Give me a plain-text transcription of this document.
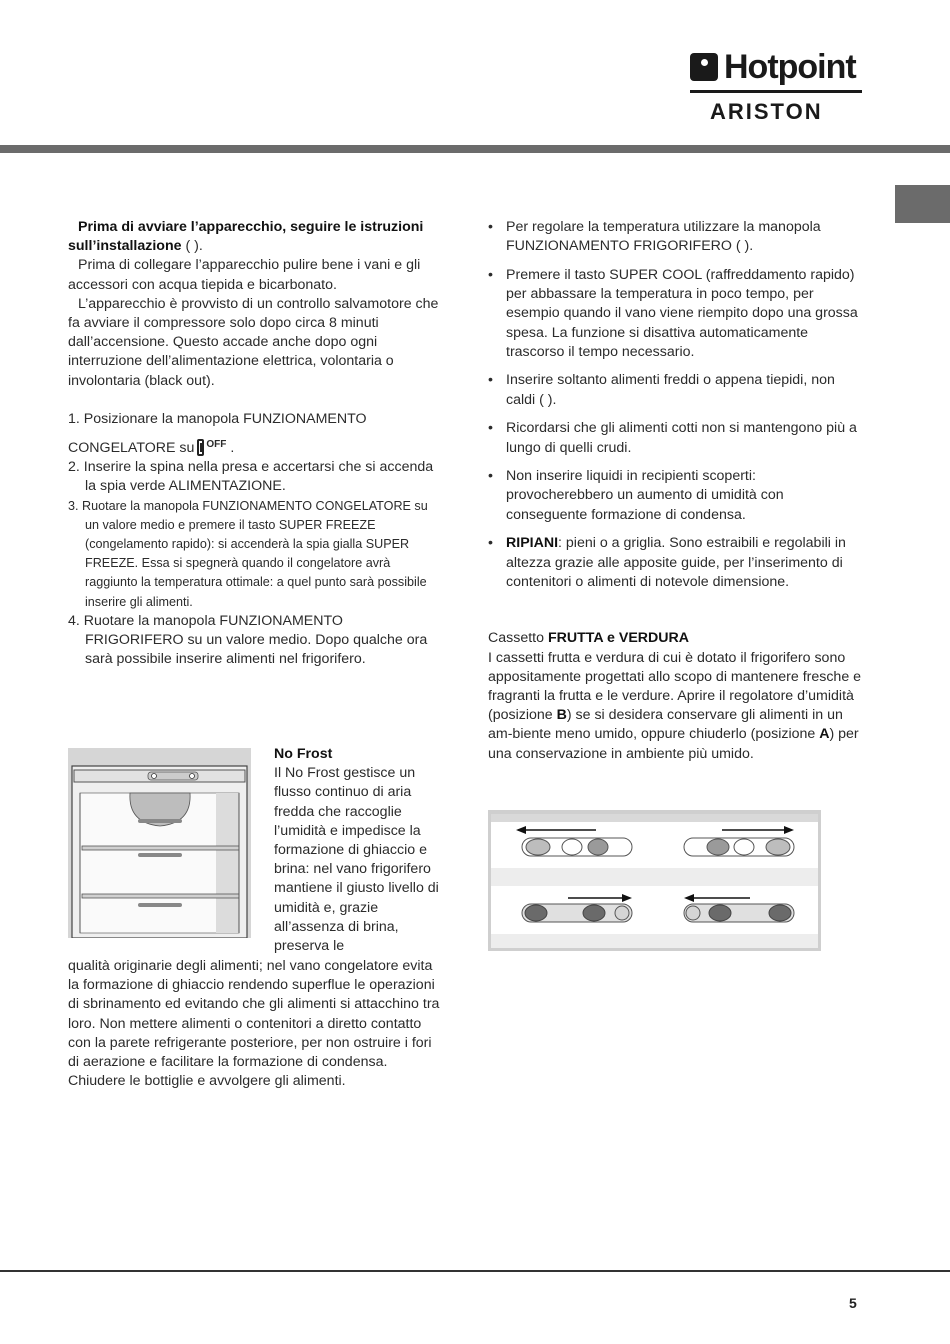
Hotpoint
ARISTON

Prima di avviare l’apparecchio, seguire le istruzioni sull’installazione ( ).

Prima di collegare l’apparecchio pulire bene i vani e gli accessori con acqua tiepida e bicarbonato.

L’apparecchio è provvisto di un controllo salvamotore che fa avviare il compressore solo dopo circa 8 minuti dall’accensione. Questo accade anche dopo ogni interruzione dell’alimentazione elettrica, volontaria o involontaria (black out).

1. Posizionare la manopola FUNZIONAMENTO
CONGELATORE su $^{OFF}$ .
2. Inserire la spina nella presa e accertarsi che si accenda la spia verde ALIMENTAZIONE.
3. Ruotare la manopola FUNZIONAMENTO CONGELATORE su un valore medio e premere il tasto SUPER FREEZE (congelamento rapido): si accenderà la spia gialla SUPER FREEZE. Essa si spegnerà quando il congelatore avrà raggiunto la temperatura ottimale: a quel punto sarà possibile inserire gli alimenti.
4. Ruotare la manopola FUNZIONAMENTO FRIGORIFERO su un valore medio. Dopo qualche ora sarà possibile inserire alimenti nel frigorifero.

No Frost

Il No Frost gestisce un flusso continuo di aria fredda che raccoglie l’umidità e impedisce la formazione di ghiaccio e brina: nel vano frigorifero mantiene il giusto livello di umidità e, grazie all’assenza di brina, preserva le

qualità originarie degli alimenti; nel vano congelatore evita la formazione di ghiaccio rendendo superflue le operazioni di sbrinamento ed evitando che gli alimenti si attacchino tra loro. Non mettere alimenti o contenitori a diretto contatto con la parete refrigerante posteriore, per non ostruire i fori di aerazione e facilitare la formazione di condensa. Chiudere le bottiglie e avvolgere gli alimenti.
• Per regolare la temperatura utilizzare la manopola FUNZIONAMENTO FRIGORIFERO ( ).
• Premere il tasto SUPER COOL (raffreddamento rapido) per abbassare la temperatura in poco tempo, per esempio quando il vano viene riempito dopo una grossa spesa. La funzione si disattiva automaticamente trascorso il tempo necessario.
• Inserire soltanto alimenti freddi o appena tiepidi, non caldi ( ).
• Ricordarsi che gli alimenti cotti non si mantengono più a lungo di quelli crudi.
• Non inserire liquidi in recipienti scoperti: provocherebbero un aumento di umidità con conseguente formazione di condensa.
• RIPIANI: pieni o a griglia. Sono estraibili e regolabili in altezza grazie alle apposite guide, per l’inserimento di contenitori o alimenti di notevole dimensione.

Cassetto FRUTTA e VERDURA
I cassetti frutta e verdura di cui è dotato il frigorifero sono appositamente progettati allo scopo di mantenere fresche e fragranti la frutta e le verdure. Aprire il regolatore d’umidità (posizione B) se si desidera conservare gli alimenti in un am-biente meno umido, oppure chiuderlo (posizione A) per una conservazione in ambiente più umido.

5
